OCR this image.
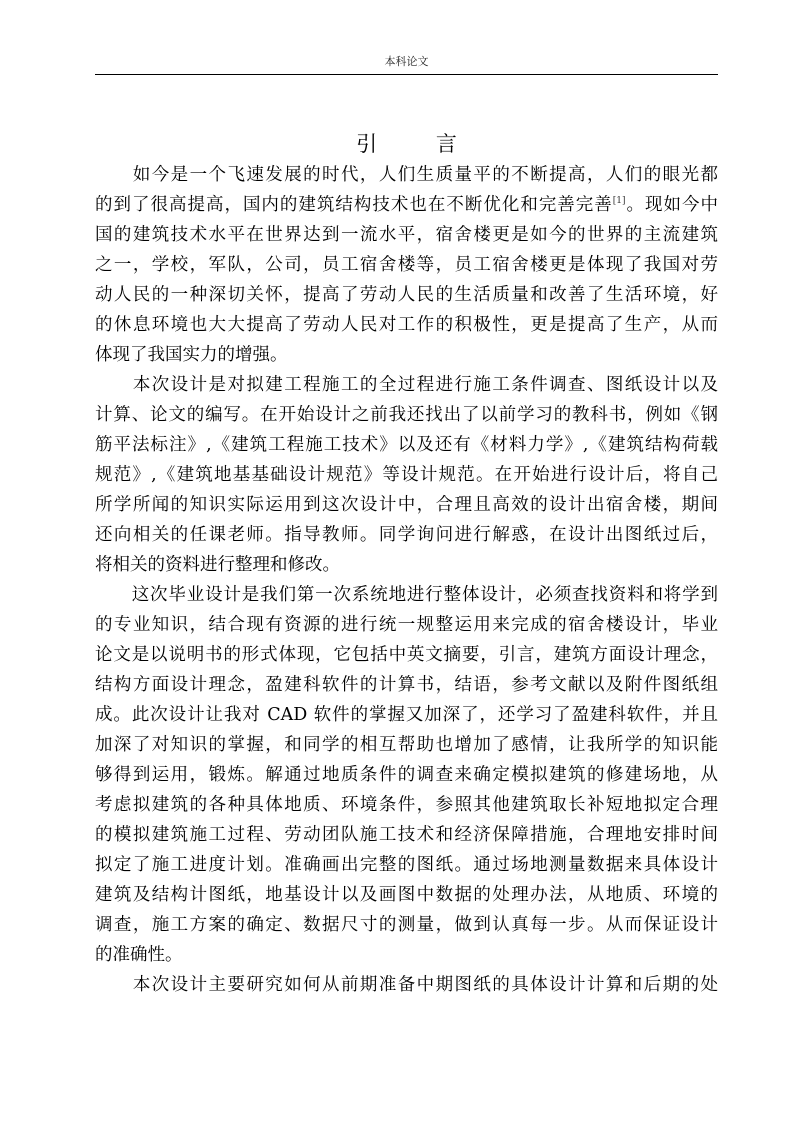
本科论文
引 言
　　如今是一个飞速发展的时代，人们生质量平的不断提高，人们的眼光都
的到了很高提高，国内的建筑结构技术也在不断优化和完善完善[1]。现如今中
国的建筑技术水平在世界达到一流水平，宿舍楼更是如今的世界的主流建筑
之一，学校，军队，公司，员工宿舍楼等，员工宿舍楼更是体现了我国对劳
动人民的一种深切关怀，提高了劳动人民的生活质量和改善了生活环境，好
的休息环境也大大提高了劳动人民对工作的积极性，更是提高了生产，从而
体现了我国实力的增强。
　　本次设计是对拟建工程施工的全过程进行施工条件调查、图纸设计以及
计算、论文的编写。在开始设计之前我还找出了以前学习的教科书，例如《钢
筋平法标注》,《建筑工程施工技术》以及还有《材料力学》,《建筑结构荷载
规范》,《建筑地基基础设计规范》等设计规范。在开始进行设计后，将自己
所学所闻的知识实际运用到这次设计中，合理且高效的设计出宿舍楼，期间
还向相关的任课老师。指导教师。同学询问进行解惑，在设计出图纸过后，
将相关的资料进行整理和修改。
　　这次毕业设计是我们第一次系统地进行整体设计，必须查找资料和将学到
的专业知识，结合现有资源的进行统一规整运用来完成的宿舍楼设计，毕业
论文是以说明书的形式体现，它包括中英文摘要，引言，建筑方面设计理念，
结构方面设计理念，盈建科软件的计算书，结语，参考文献以及附件图纸组
成。此次设计让我对 CAD 软件的掌握又加深了，还学习了盈建科软件，并且
加深了对知识的掌握，和同学的相互帮助也增加了感情，让我所学的知识能
够得到运用，锻炼。解通过地质条件的调查来确定模拟建筑的修建场地，从
考虑拟建筑的各种具体地质、环境条件，参照其他建筑取长补短地拟定合理
的模拟建筑施工过程、劳动团队施工技术和经济保障措施，合理地安排时间
拟定了施工进度计划。准确画出完整的图纸。通过场地测量数据来具体设计
建筑及结构计图纸，地基设计以及画图中数据的处理办法，从地质、环境的
调查，施工方案的确定、数据尺寸的测量，做到认真每一步。从而保证设计
的准确性。
　　本次设计主要研究如何从前期准备中期图纸的具体设计计算和后期的处
